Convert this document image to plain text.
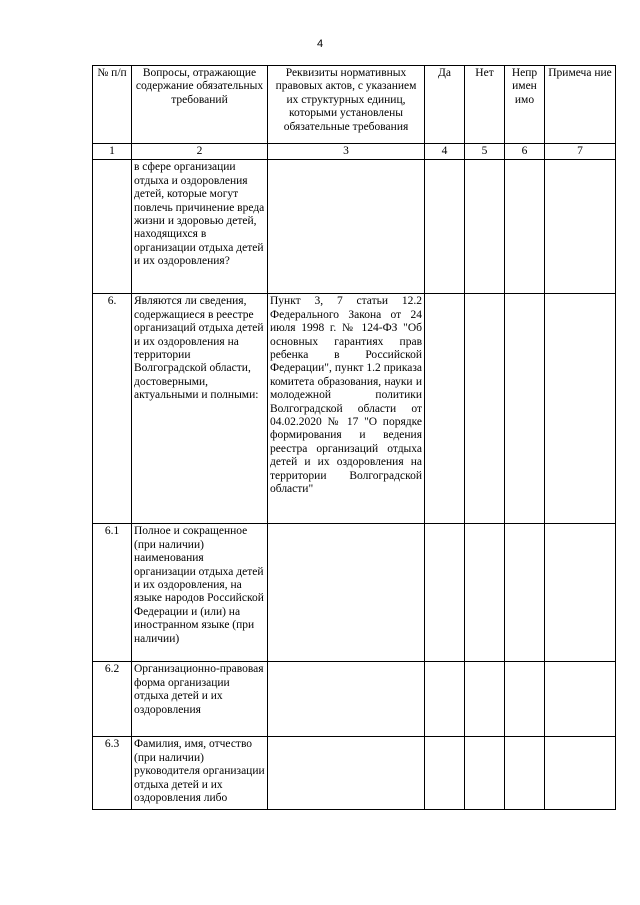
4
№ п/п	Вопросы, отражающие содержание обязательных требований	Реквизиты нормативных правовых актов, с указанием их структурных единиц, которыми установлены обязательные требования	Да	Нет	Непр имен имо	Примеча ние
1	2	3	4	5	6	7
	в сфере организации отдыха и оздоровления детей, которые могут повлечь причинение вреда жизни и здоровью детей, находящихся в организации отдыха детей и их оздоровления?					
6.	Являются ли сведения, содержащиеся в реестре организаций отдыха детей и их оздоровления на территории Волгоградской области, достоверными, актуальными и полными:	Пункт 3, 7 статьи 12.2 Федерального Закона от 24 июля 1998 г. № 124-ФЗ "Об основных гарантиях прав ребенка в Российской Федерации", пункт 1.2 приказа комитета образования, науки и молодежной политики Волгоградской области от 04.02.2020 № 17 "О порядке формирования и ведения реестра организаций отдыха детей и их оздоровления на территории Волгоградской области"				
6.1	Полное и сокращенное (при наличии) наименования организации отдыха детей и их оздоровления, на языке народов Российской Федерации и (или) на иностранном языке (при наличии)					
6.2	Организационно-правовая форма организации отдыха детей и их оздоровления					
6.3	Фамилия, имя, отчество (при наличии) руководителя организации отдыха детей и их оздоровления либо					
